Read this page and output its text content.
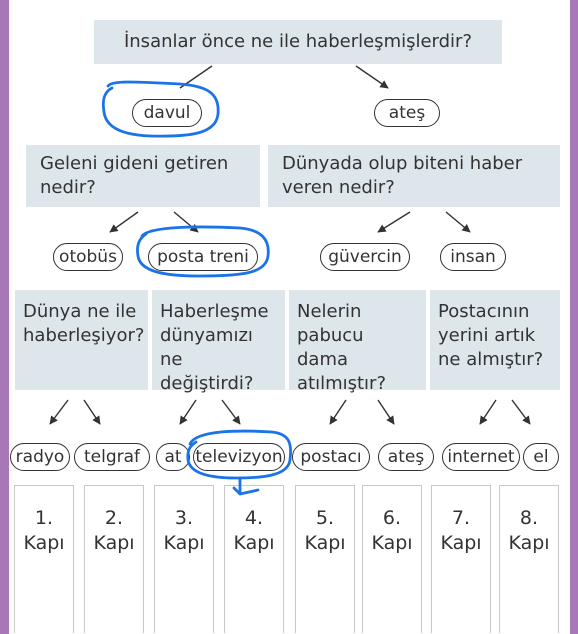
İnsanlar önce ne ile haberleşmişlerdir?
davul	ateş
Geleni gideni getiren nedir?
Dünyada olup biteni haber veren nedir?
otobüs posta treni	güvercin	insan
Dünya ne ile haberleşiyor?
Haberleşme dünyamızı ne değiştirdi?
Nelerin pabucu dama atılmıştır?
Postacının yerini artık ne almıştır?
radyo telgraf at televizyon postacı ateş internet el
1.
Kapı
2.
Kapı
3.
Kapı
4.
Kapı
5.
Kapı
6.
Kapı
7.
Kapı
8.
Kapı
